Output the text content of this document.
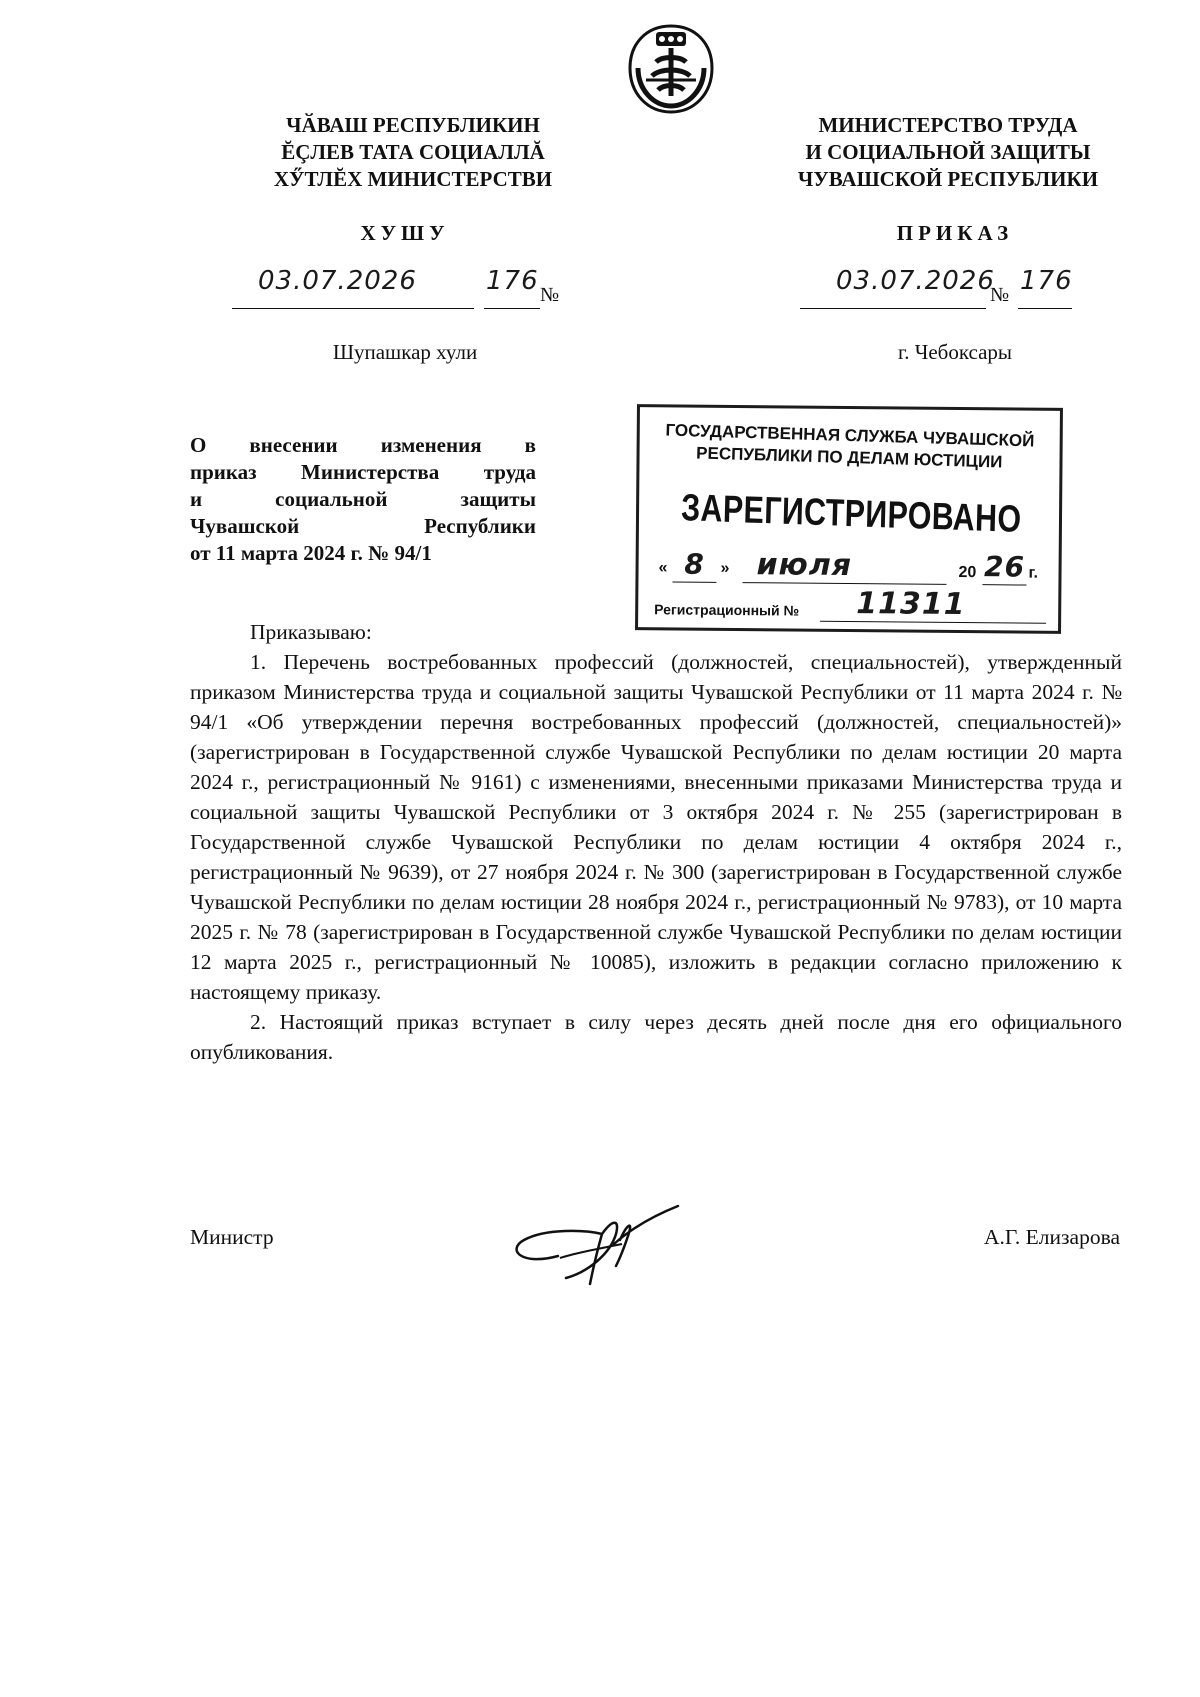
ЧӐВАШ РЕСПУБЛИКИН
ĔÇЛЕВ ТАТА СОЦИАЛЛĂ
ХӲТЛĔХ МИНИСТЕРСТВИ
МИНИСТЕРСТВО ТРУДА
И СОЦИАЛЬНОЙ ЗАЩИТЫ
ЧУВАШСКОЙ РЕСПУБЛИКИ
ХУШУ	ПРИКАЗ
03.07.2026	176 №	03.07.2026
№ 176
Шупашкар хули	г. Чебоксары
О внесении изменения в
приказ Министерства труда
и социальной защиты
Чувашской Республики
от 11 марта 2024 г. № 94/1
ГОСУДАРСТВЕННАЯ СЛУЖБА ЧУВАШСКОЙ
РЕСПУБЛИКИ ПО ДЕЛАМ ЮСТИЦИИ
ЗАРЕГИСТРИРОВАНО
« 8 » июля	20 26 г.
Регистрационный №	11311
Приказываю:
1. Перечень востребованных профессий (должностей, специальностей), утвержденный приказом Министерства труда и социальной защиты Чувашской Республики от 11 марта 2024 г. № 94/1 «Об утверждении перечня востребованных профессий (должностей, специальностей)» (зарегистрирован в Государственной службе Чувашской Республики по делам юстиции 20 марта 2024 г., регистрационный № 9161) с изменениями, внесенными приказами Министерства труда и социальной защиты Чувашской Республики от 3 октября 2024 г. № 255 (зарегистрирован в Государственной службе Чувашской Республики по делам юстиции 4 октября 2024 г., регистрационный № 9639), от 27 ноября 2024 г. № 300 (зарегистрирован в Государственной службе Чувашской Республики по делам юстиции 28 ноября 2024 г., регистрационный № 9783), от 10 марта 2025 г. № 78 (зарегистрирован в Государственной службе Чувашской Республики по делам юстиции 12 марта 2025 г., регистрационный № 10085), изложить в редакции согласно приложению к настоящему приказу.
2. Настоящий приказ вступает в силу через десять дней после дня его официального опубликования.
Министр	А.Г. Елизарова
